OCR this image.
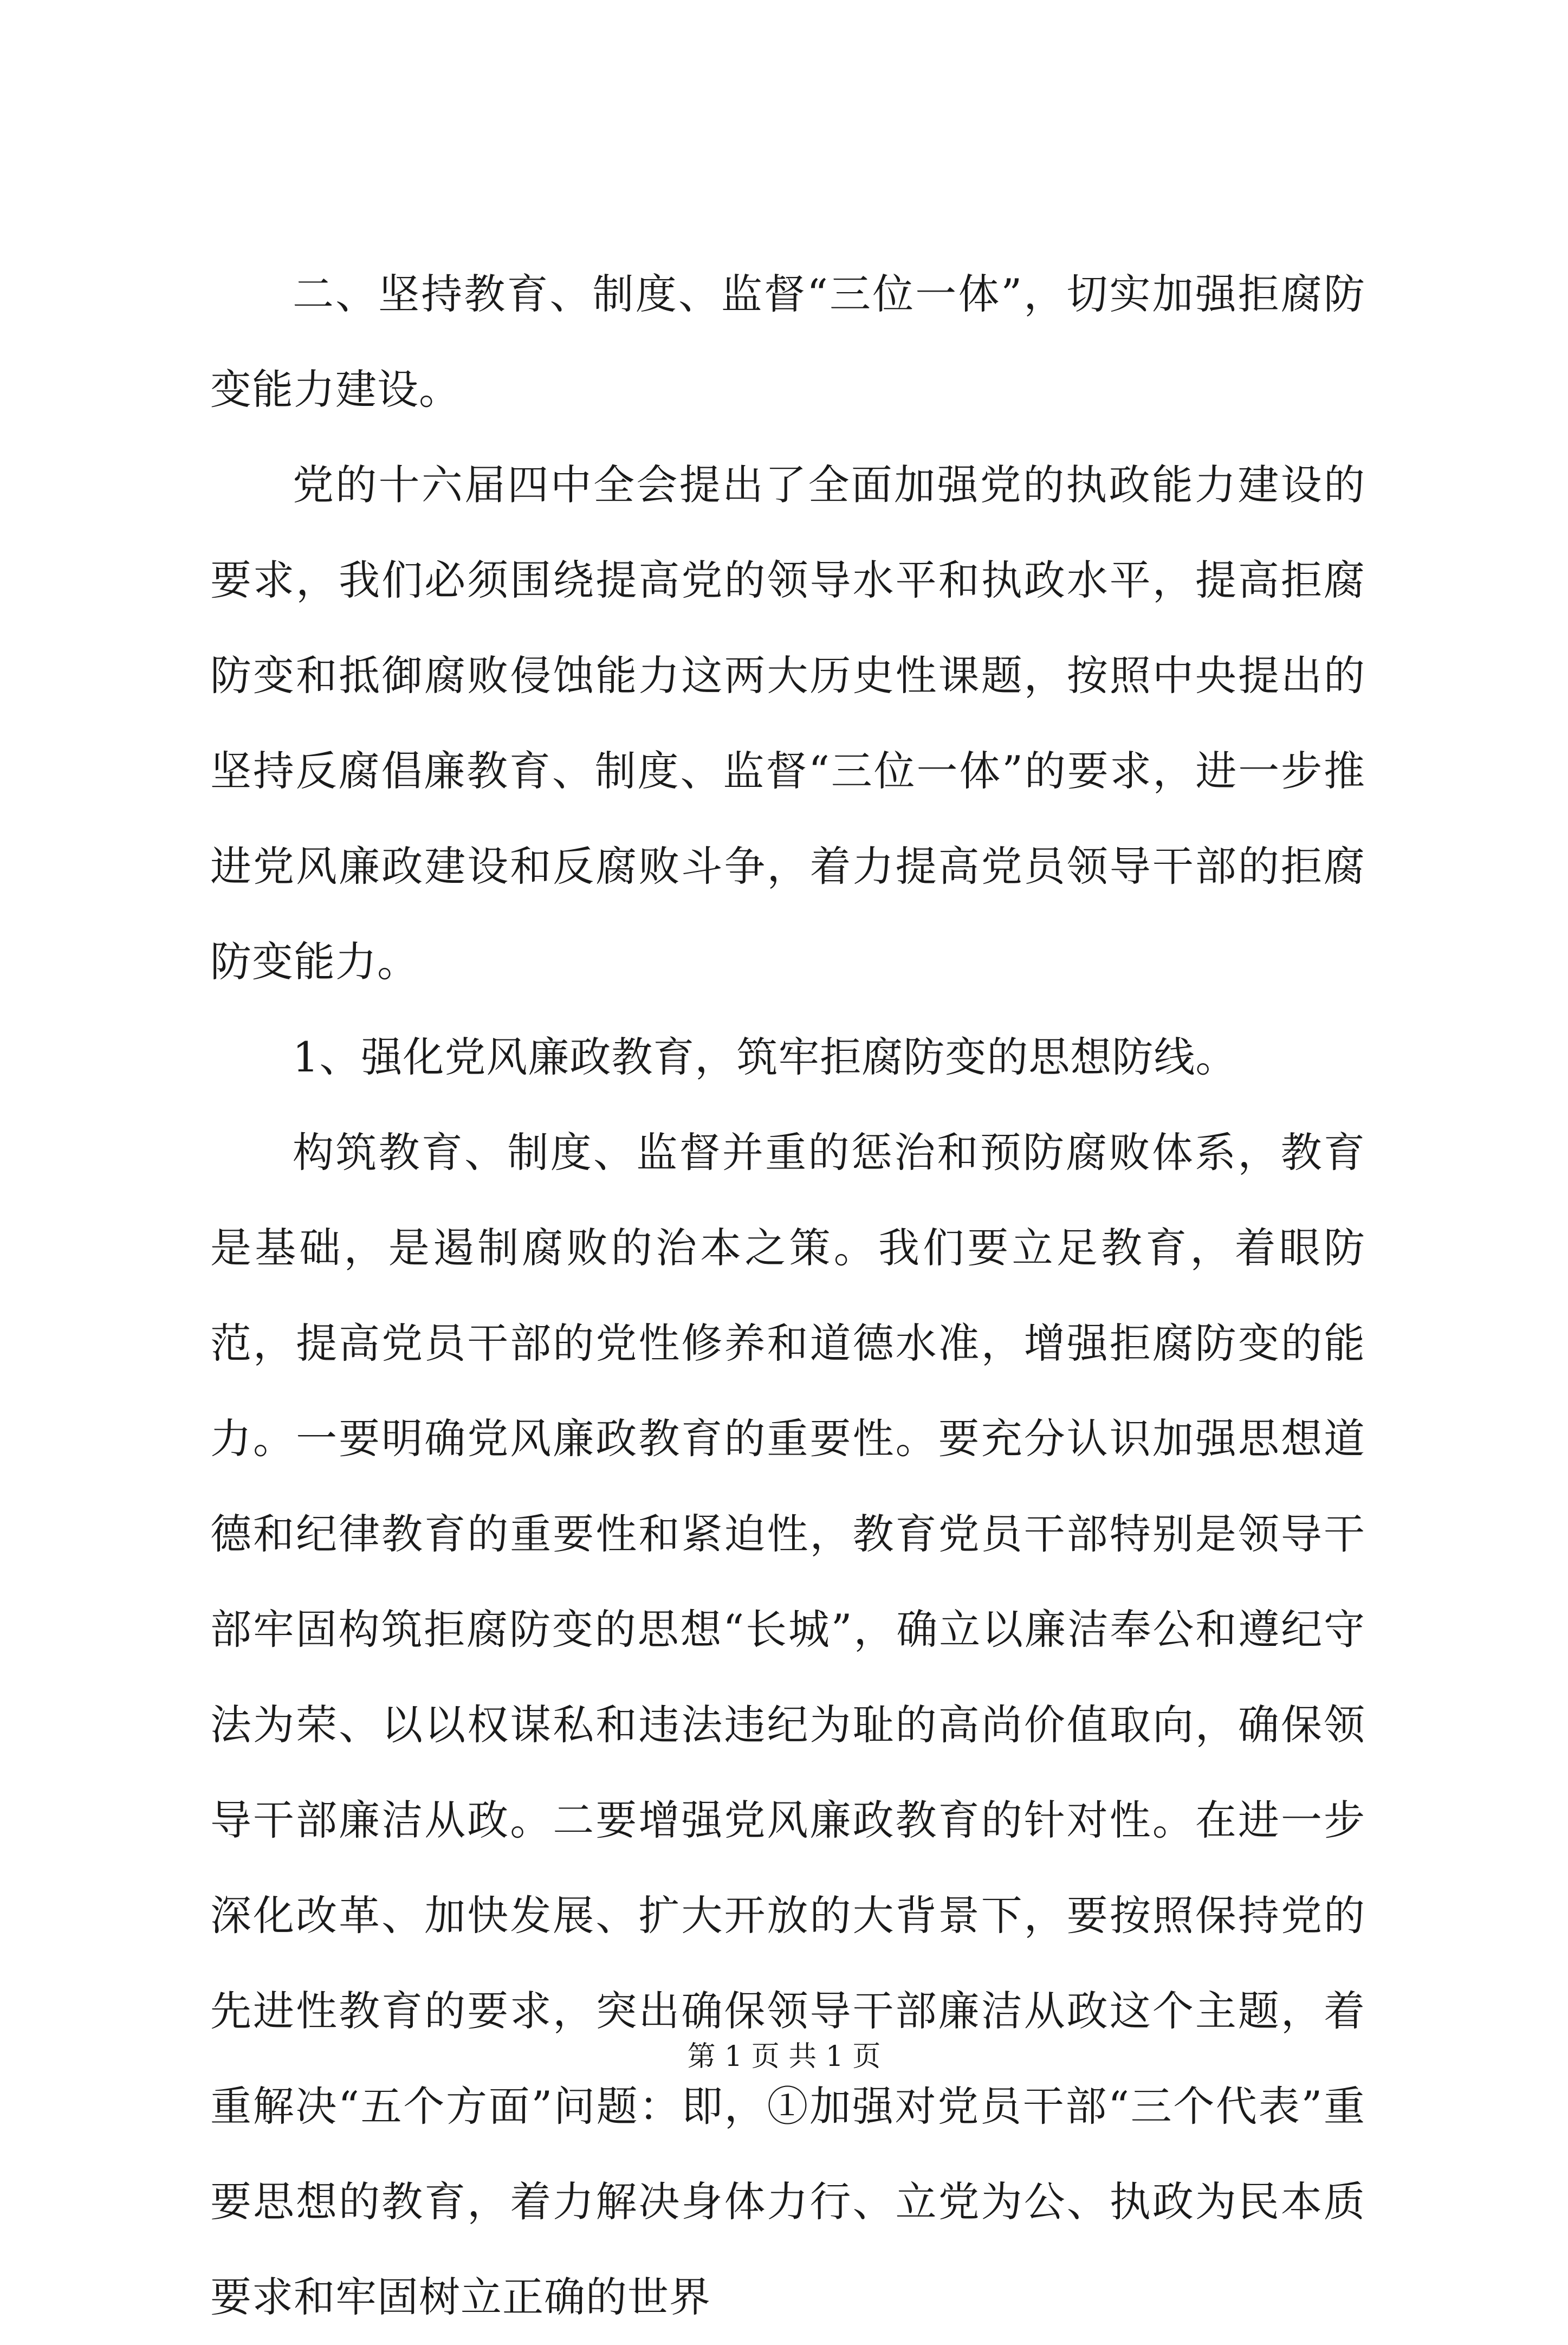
二、坚持教育、制度、监督“三位一体”，切实加强拒腐防变能力建设。

党的十六届四中全会提出了全面加强党的执政能力建设的要求，我们必须围绕提高党的领导水平和执政水平，提高拒腐防变和抵御腐败侵蚀能力这两大历史性课题，按照中央提出的坚持反腐倡廉教育、制度、监督“三位一体”的要求，进一步推进党风廉政建设和反腐败斗争，着力提高党员领导干部的拒腐防变能力。

1、强化党风廉政教育，筑牢拒腐防变的思想防线。

构筑教育、制度、监督并重的惩治和预防腐败体系，教育是基础，是遏制腐败的治本之策。我们要立足教育，着眼防范，提高党员干部的党性修养和道德水准，增强拒腐防变的能力。一要明确党风廉政教育的重要性。要充分认识加强思想道德和纪律教育的重要性和紧迫性，教育党员干部特别是领导干部牢固构筑拒腐防变的思想“长城”，确立以廉洁奉公和遵纪守法为荣、以以权谋私和违法违纪为耻的高尚价值取向，确保领导干部廉洁从政。二要增强党风廉政教育的针对性。在进一步深化改革、加快发展、扩大开放的大背景下，要按照保持党的先进性教育的要求，突出确保领导干部廉洁从政这个主题，着重解决“五个方面”问题：即，①加强对党员干部“三个代表”重要思想的教育，着力解决身体力行、立党为公、执政为民本质要求和牢固树立正确的世界

第 1 页 共 1 页
